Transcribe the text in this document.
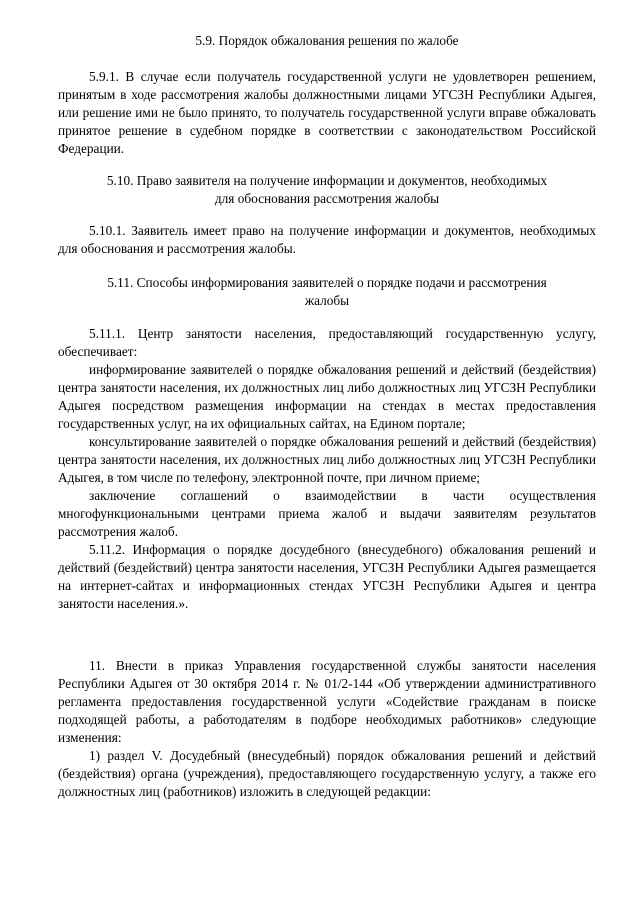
5.9. Порядок обжалования решения по жалобе

5.9.1. В случае если получатель государственной услуги не удовлетворен решением, принятым в ходе рассмотрения жалобы должностными лицами УГСЗН Республики Адыгея, или решение ими не было принято, то получатель государственной услуги вправе обжаловать принятое решение в судебном порядке в соответствии с законодательством Российской Федерации.

5.10. Право заявителя на получение информации и документов, необходимых

для обоснования рассмотрения жалобы

5.10.1. Заявитель имеет право на получение информации и документов, необходимых для обоснования и рассмотрения жалобы.

5.11. Способы информирования заявителей о порядке подачи и рассмотрения

жалобы

5.11.1. Центр занятости населения, предоставляющий государственную услугу, обеспечивает:

информирование заявителей о порядке обжалования решений и действий (бездействия) центра занятости населения, их должностных лиц либо должностных лиц УГСЗН Республики Адыгея посредством размещения информации на стендах в местах предоставления государственных услуг, на их официальных сайтах, на Едином портале;

консультирование заявителей о порядке обжалования решений и действий (бездействия) центра занятости населения, их должностных лиц либо должностных лиц УГСЗН Республики Адыгея, в том числе по телефону, электронной почте, при личном приеме;

заключение соглашений о взаимодействии в части осуществления многофункциональными центрами приема жалоб и выдачи заявителям результатов рассмотрения жалоб.

5.11.2. Информация о порядке досудебного (внесудебного) обжалования решений и действий (бездействий) центра занятости населения, УГСЗН Республики Адыгея размещается на интернет-сайтах и информационных стендах УГСЗН Республики Адыгея и центра занятости населения.».

11. Внести в приказ Управления государственной службы занятости населения Республики Адыгея от 30 октября 2014 г. № 01/2-144 «Об утверждении административного регламента предоставления государственной услуги «Содействие гражданам в поиске подходящей работы, а работодателям в подборе необходимых работников» следующие изменения:

1) раздел V. Досудебный (внесудебный) порядок обжалования решений и действий (бездействия) органа (учреждения), предоставляющего государственную услугу, а также его должностных лиц (работников) изложить в следующей редакции:
